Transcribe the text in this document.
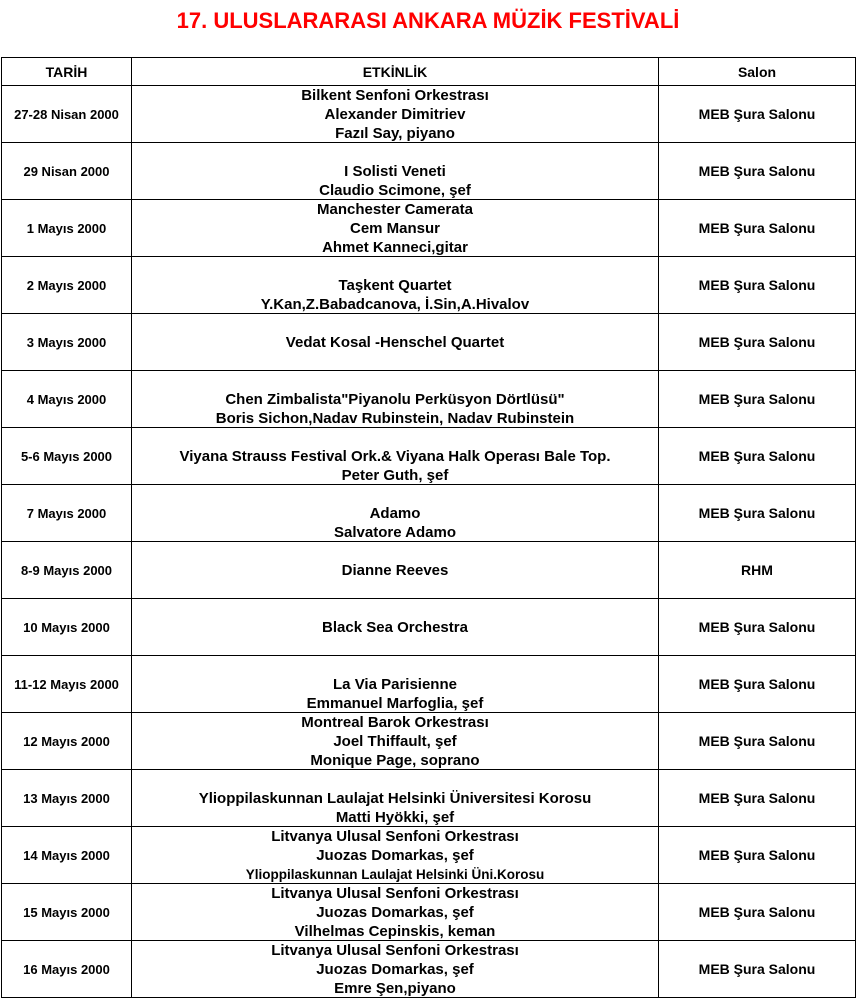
17. ULUSLARARASI ANKARA MÜZİK FESTİVALİ
TARİH	ETKİNLİK	Salon
27-28 Nisan 2000	Bilkent Senfoni Orkestrası
Alexander Dimitriev
Fazıl Say, piyano	MEB Şura Salonu
29 Nisan 2000	I Solisti Veneti
Claudio Scimone, şef	MEB Şura Salonu
1 Mayıs 2000	Manchester Camerata
Cem Mansur
Ahmet Kanneci,gitar	MEB Şura Salonu
2 Mayıs 2000	Taşkent Quartet
Y.Kan,Z.Babadcanova, İ.Sin,A.Hivalov	MEB Şura Salonu
3 Mayıs 2000	Vedat Kosal -Henschel Quartet	MEB Şura Salonu
4 Mayıs 2000	Chen Zimbalista"Piyanolu Perküsyon Dörtlüsü"
Boris Sichon,Nadav Rubinstein, Nadav Rubinstein	MEB Şura Salonu
5-6 Mayıs 2000	Viyana Strauss Festival Ork.& Viyana Halk Operası Bale Top.
Peter Guth, şef	MEB Şura Salonu
7 Mayıs 2000	Adamo
Salvatore Adamo	MEB Şura Salonu
8-9 Mayıs 2000	Dianne Reeves	RHM
10 Mayıs 2000	Black Sea Orchestra	MEB Şura Salonu
11-12 Mayıs 2000	La Via Parisienne
Emmanuel Marfoglia, şef	MEB Şura Salonu
12 Mayıs 2000	Montreal Barok Orkestrası
Joel Thiffault, şef
Monique Page, soprano	MEB Şura Salonu
13 Mayıs 2000	Ylioppilaskunnan Laulajat Helsinki Üniversitesi Korosu
Matti Hyökki, şef	MEB Şura Salonu
14 Mayıs 2000	Litvanya Ulusal Senfoni Orkestrası
Juozas Domarkas, şef
Ylioppilaskunnan Laulajat Helsinki Üni.Korosu	MEB Şura Salonu
15 Mayıs 2000	Litvanya Ulusal Senfoni Orkestrası
Juozas Domarkas, şef
Vilhelmas Cepinskis, keman	MEB Şura Salonu
16 Mayıs 2000	Litvanya Ulusal Senfoni Orkestrası
Juozas Domarkas, şef
Emre Şen,piyano	MEB Şura Salonu
